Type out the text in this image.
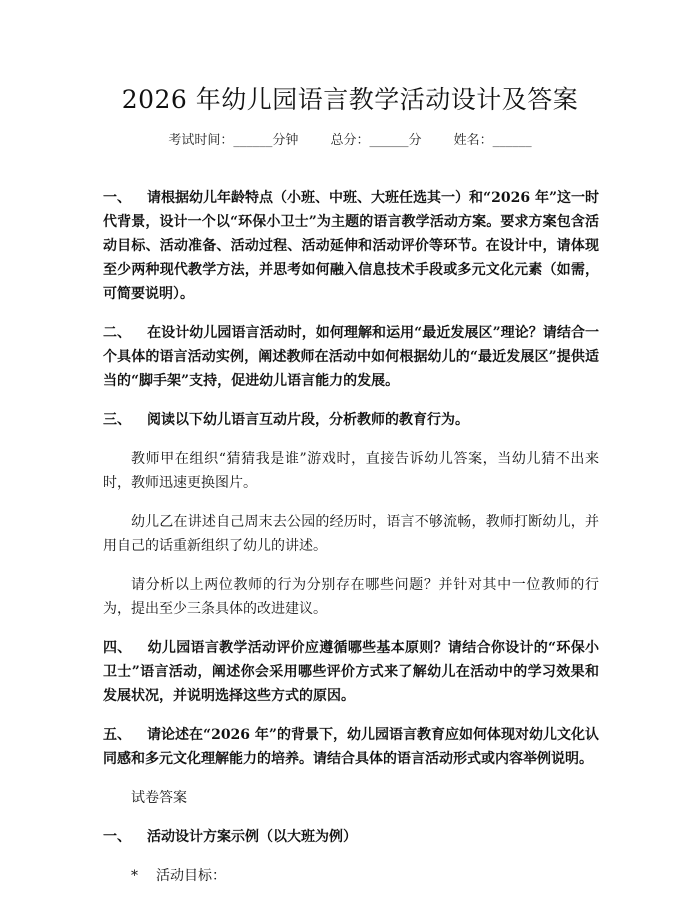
2026 年幼儿园语言教学活动设计及答案
考试时间：______分钟 总分：______分 姓名：______
一、 请根据幼儿年龄特点（小班、中班、大班任选其一）和“2026 年”这一时代背景，设计一个以“环保小卫士”为主题的语言教学活动方案。要求方案包含活动目标、活动准备、活动过程、活动延伸和活动评价等环节。在设计中，请体现至少两种现代教学方法，并思考如何融入信息技术手段或多元文化元素（如需，可简要说明）。
二、 在设计幼儿园语言活动时，如何理解和运用“最近发展区”理论？请结合一个具体的语言活动实例，阐述教师在活动中如何根据幼儿的“最近发展区”提供适当的“脚手架”支持，促进幼儿语言能力的发展。
三、 阅读以下幼儿语言互动片段，分析教师的教育行为。
教师甲在组织“猜猜我是谁”游戏时，直接告诉幼儿答案，当幼儿猜不出来时，教师迅速更换图片。
幼儿乙在讲述自己周末去公园的经历时，语言不够流畅，教师打断幼儿，并用自己的话重新组织了幼儿的讲述。
请分析以上两位教师的行为分别存在哪些问题？并针对其中一位教师的行为，提出至少三条具体的改进建议。
四、 幼儿园语言教学活动评价应遵循哪些基本原则？请结合你设计的“环保小卫士”语言活动，阐述你会采用哪些评价方式来了解幼儿在活动中的学习效果和发展状况，并说明选择这些方式的原因。
五、 请论述在“2026 年”的背景下，幼儿园语言教育应如何体现对幼儿文化认同感和多元文化理解能力的培养。请结合具体的语言活动形式或内容举例说明。
试卷答案
一、 活动设计方案示例（以大班为例）
* 活动目标：
